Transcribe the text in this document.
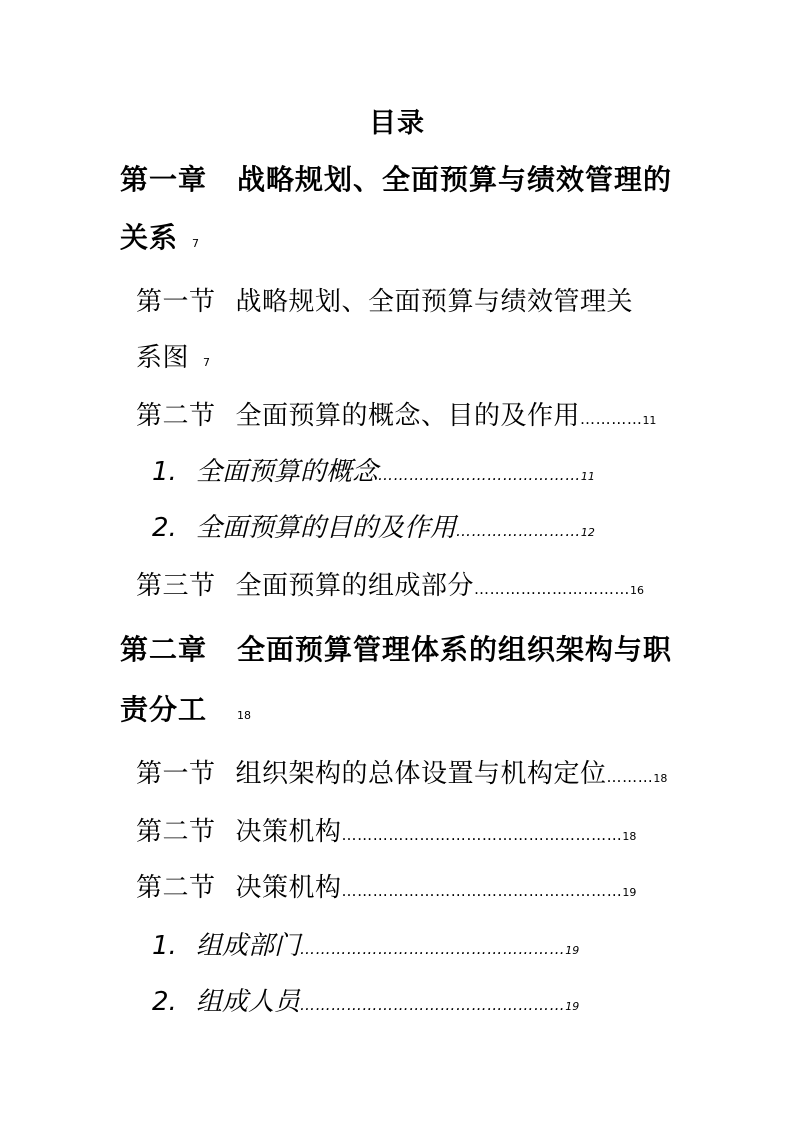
目录
第一章 战略规划、全面预算与绩效管理的
关系 7
第一节 战略规划、全面预算与绩效管理关
系图 7
第二节 全面预算的概念、目的及作用…………11
1. 全面预算的概念…………………………………11
2. 全面预算的目的及作用……………………12
第三节 全面预算的组成部分…………………………16
第二章 全面预算管理体系的组织架构与职
责分工	18
第一节 组织架构的总体设置与机构定位………18
第二节 决策机构………………………………………………18
第二节 决策机构………………………………………………19
1. 组成部门……………………………………………19
2. 组成人员……………………………………………19
